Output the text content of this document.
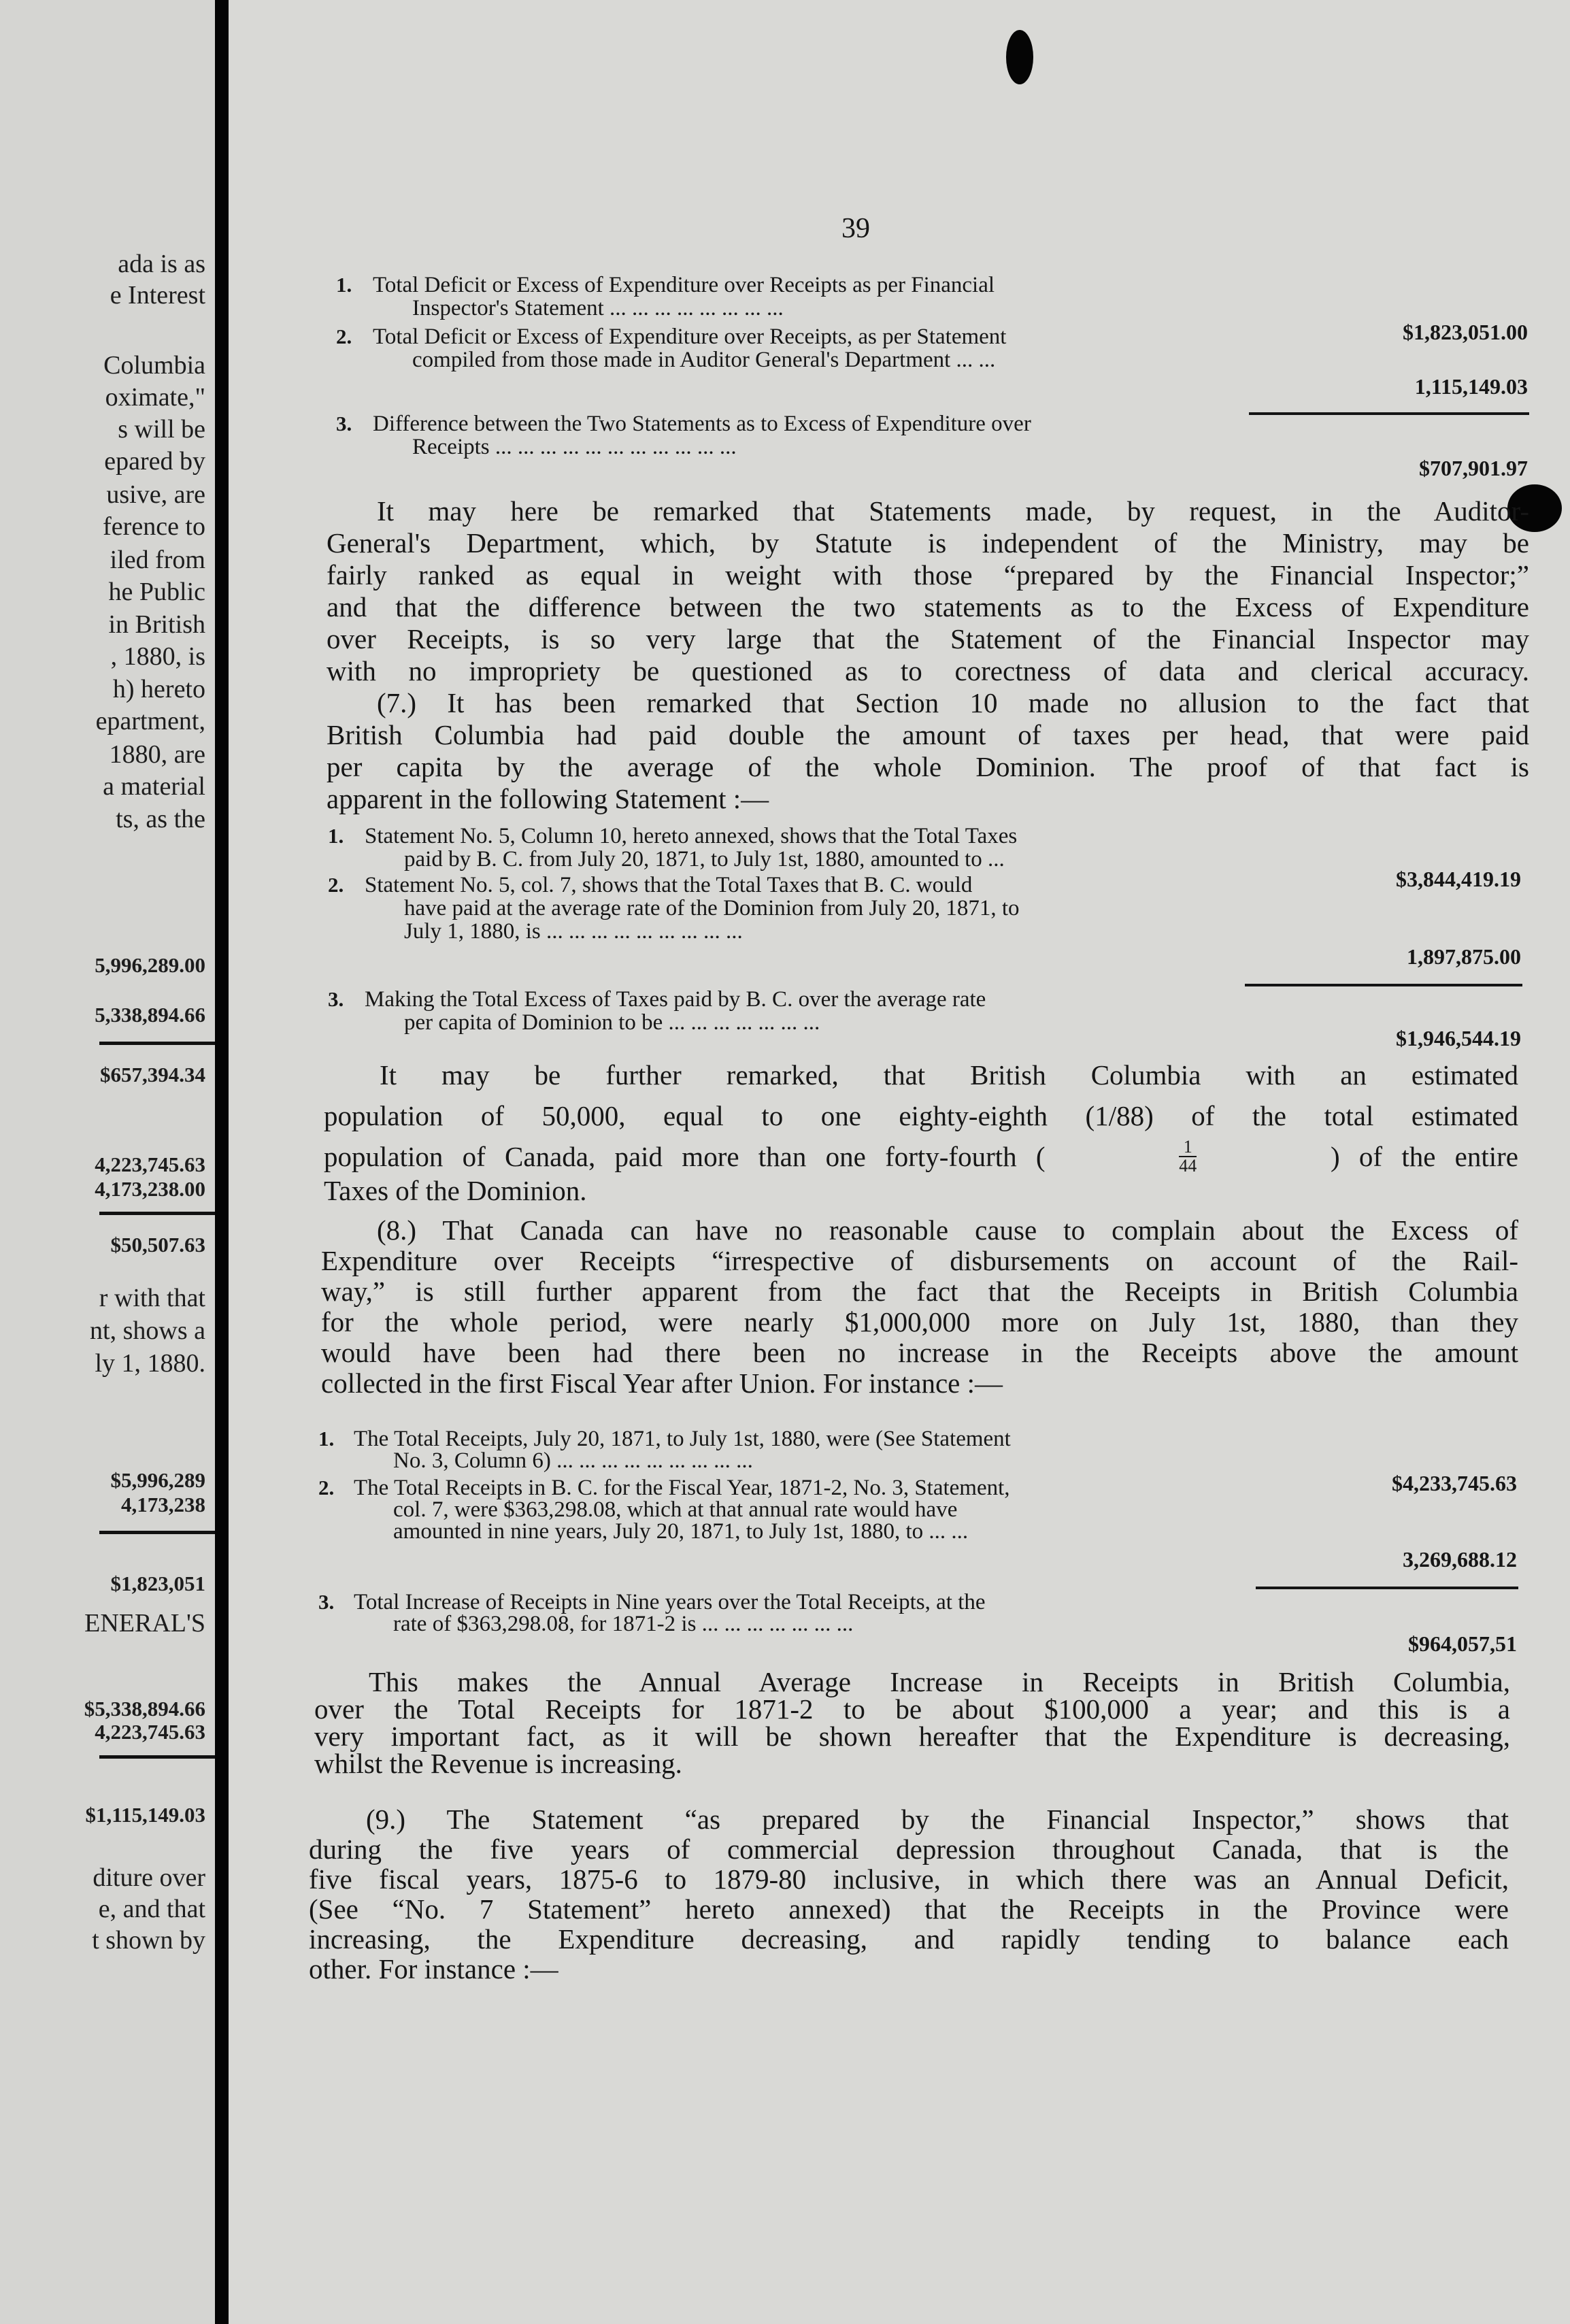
ada is as
e Interest
Columbia
oximate,"
s will be
epared by
usive, are
ference to
iled from
he Public
in British
, 1880, is
h) hereto
epartment,
1880, are
a material
ts, as the
5,996,289.00
5,338,894.66
$657,394.34
4,223,745.63
4,173,238.00
$50,507.63
r with that
nt, shows a
ly 1, 1880.
$5,996,289
4,173,238
$1,823,051
ENERAL'S
$5,338,894.66
4,223,745.63
$1,115,149.03
diture over
e, and that
t shown by
39
1. Total Deficit or Excess of Expenditure over Receipts as per Financial
Inspector's Statement ... ... ... ... ... ... ... ...
$1,823,051.00
2. Total Deficit or Excess of Expenditure over Receipts, as per Statement
compiled from those made in Auditor General's Department ... ...
1,115,149.03
3. Difference between the Two Statements as to Excess of Expenditure over
Receipts ... ... ... ... ... ... ... ... ... ... ...
$707,901.97
It may here be remarked that Statements made, by request, in the Auditor-
General's Department, which, by Statute is independent of the Ministry, may be
fairly ranked as equal in weight with those “prepared by the Financial Inspector;”
and that the difference between the two statements as to the Excess of Expenditure
over Receipts, is so very large that the Statement of the Financial Inspector may
with no impropriety be questioned as to corectness of data and clerical accuracy.
(7.) It has been remarked that Section 10 made no allusion to the fact that
British Columbia had paid double the amount of taxes per head, that were paid
per capita by the average of the whole Dominion. The proof of that fact is
apparent in the following Statement :—
1. Statement No. 5, Column 10, hereto annexed, shows that the Total Taxes
paid by B. C. from July 20, 1871, to July 1st, 1880, amounted to ...
$3,844,419.19
2. Statement No. 5, col. 7, shows that the Total Taxes that B. C. would
have paid at the average rate of the Dominion from July 20, 1871, to
July 1, 1880, is ... ... ... ... ... ... ... ... ...
1,897,875.00
3. Making the Total Excess of Taxes paid by B. C. over the average rate
per capita of Dominion to be ... ... ... ... ... ... ...
$1,946,544.19
It may be further remarked, that British Columbia with an estimated
population of 50,000, equal to one eighty-eighth (1/88) of the total estimated
population of Canada, paid more than one forty-fourth (	$\frac{1}{44}$	) of the entire
Taxes of the Dominion.
(8.) That Canada can have no reasonable cause to complain about the Excess of
Expenditure over Receipts “irrespective of disbursements on account of the Rail-
way,” is still further apparent from the fact that the Receipts in British Columbia
for the whole period, were nearly $1,000,000 more on July 1st, 1880, than they
would have been had there been no increase in the Receipts above the amount
collected in the first Fiscal Year after Union. For instance :—
1. The Total Receipts, July 20, 1871, to July 1st, 1880, were (See Statement
No. 3, Column 6) ... ... ... ... ... ... ... ... ...
$4,233,745.63
2. The Total Receipts in B. C. for the Fiscal Year, 1871-2, No. 3, Statement,
col. 7, were $363,298.08, which at that annual rate would have
amounted in nine years, July 20, 1871, to July 1st, 1880, to ... ...
3,269,688.12
3. Total Increase of Receipts in Nine years over the Total Receipts, at the
rate of $363,298.08, for 1871-2 is ... ... ... ... ... ... ...
$964,057,51
This makes the Annual Average Increase in Receipts in British Columbia,
over the Total Receipts for 1871-2 to be about $100,000 a year; and this is a
very important fact, as it will be shown hereafter that the Expenditure is decreasing,
whilst the Revenue is increasing.
(9.) The Statement “as prepared by the Financial Inspector,” shows that
during the five years of commercial depression throughout Canada, that is the
five fiscal years, 1875-6 to 1879-80 inclusive, in which there was an Annual Deficit,
(See “No. 7 Statement” hereto annexed) that the Receipts in the Province were
increasing, the Expenditure decreasing, and rapidly tending to balance each
other. For instance :—
